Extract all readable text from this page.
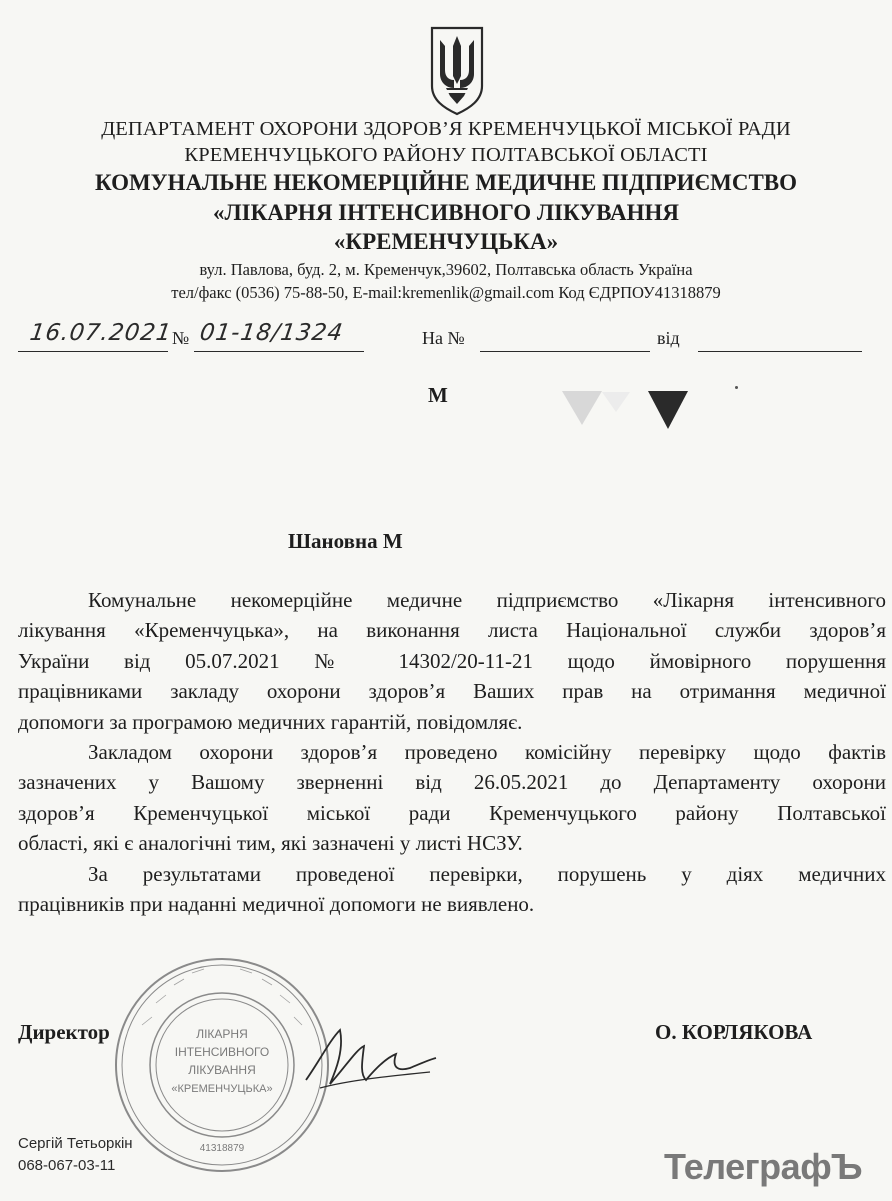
ДЕПАРТАМЕНТ ОХОРОНИ ЗДОРОВ’Я КРЕМЕНЧУЦЬКОЇ МІСЬКОЇ РАДИ
КРЕМЕНЧУЦЬКОГО РАЙОНУ ПОЛТАВСЬКОЇ ОБЛАСТІ
КОМУНАЛЬНЕ НЕКОМЕРЦІЙНЕ МЕДИЧНЕ ПІДПРИЄМСТВО
«ЛІКАРНЯ ІНТЕНСИВНОГО ЛІКУВАННЯ
«КРЕМЕНЧУЦЬКА»
вул. Павлова, буд. 2, м. Кременчук,39602, Полтавська область Україна
тел/факс (0536) 75-88-50, E-mail:kremenlik@gmail.com Код ЄДРПОУ41318879
16.07.2021
№ 01-18/1324	На №	від
М
Шановна М
Комунальне некомерційне медичне підприємство «Лікарня інтенсивного
лікування «Кременчуцька», на виконання листа Національної служби здоров’я
України від 05.07.2021 № 14302/20-11-21 щодо ймовірного порушення
працівниками закладу охорони здоров’я Ваших прав на отримання медичної
допомоги за програмою медичних гарантій, повідомляє.
Закладом охорони здоров’я проведено комісійну перевірку щодо фактів
зазначених у Вашому зверненні від 26.05.2021 до Департаменту охорони
здоров’я Кременчуцької міської ради Кременчуцького району Полтавської
області, які є аналогічні тим, які зазначені у листі НСЗУ.
За результатами проведеної перевірки, порушень у діях медичних
працівників при наданні медичної допомоги не виявлено.
ЛІКАРНЯ
ІНТЕНСИВНОГО
ЛІКУВАННЯ
«КРЕМЕНЧУЦЬКА»
41318879
Директор	О. КОРЛЯКОВА
Сергій Тетьоркін
068-067-03-11	ТелеграфЪ
